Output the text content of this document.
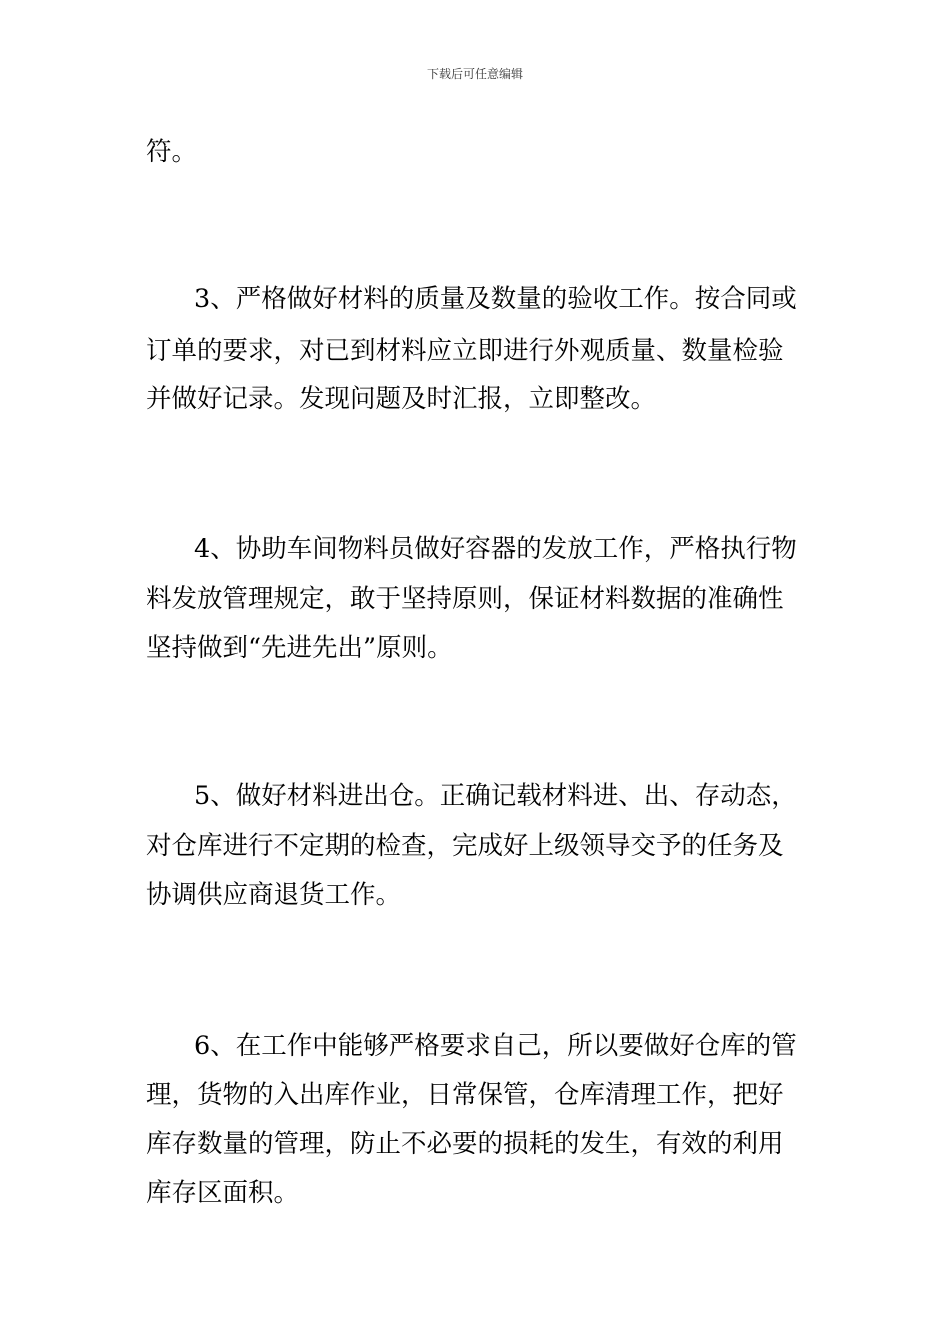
下载后可任意编辑
符。
3、严格做好材料的质量及数量的验收工作。按合同或
订单的要求，对已到材料应立即进行外观质量、数量检验
并做好记录。发现问题及时汇报，立即整改。
4、协助车间物料员做好容器的发放工作，严格执行物
料发放管理规定，敢于坚持原则，保证材料数据的准确性
坚持做到“先进先出”原则。
5、做好材料进出仓。正确记载材料进、出、存动态，
对仓库进行不定期的检查，完成好上级领导交予的任务及
协调供应商退货工作。
6、在工作中能够严格要求自己，所以要做好仓库的管
理，货物的入出库作业，日常保管，仓库清理工作，把好
库存数量的管理，防止不必要的损耗的发生，有效的利用
库存区面积。
